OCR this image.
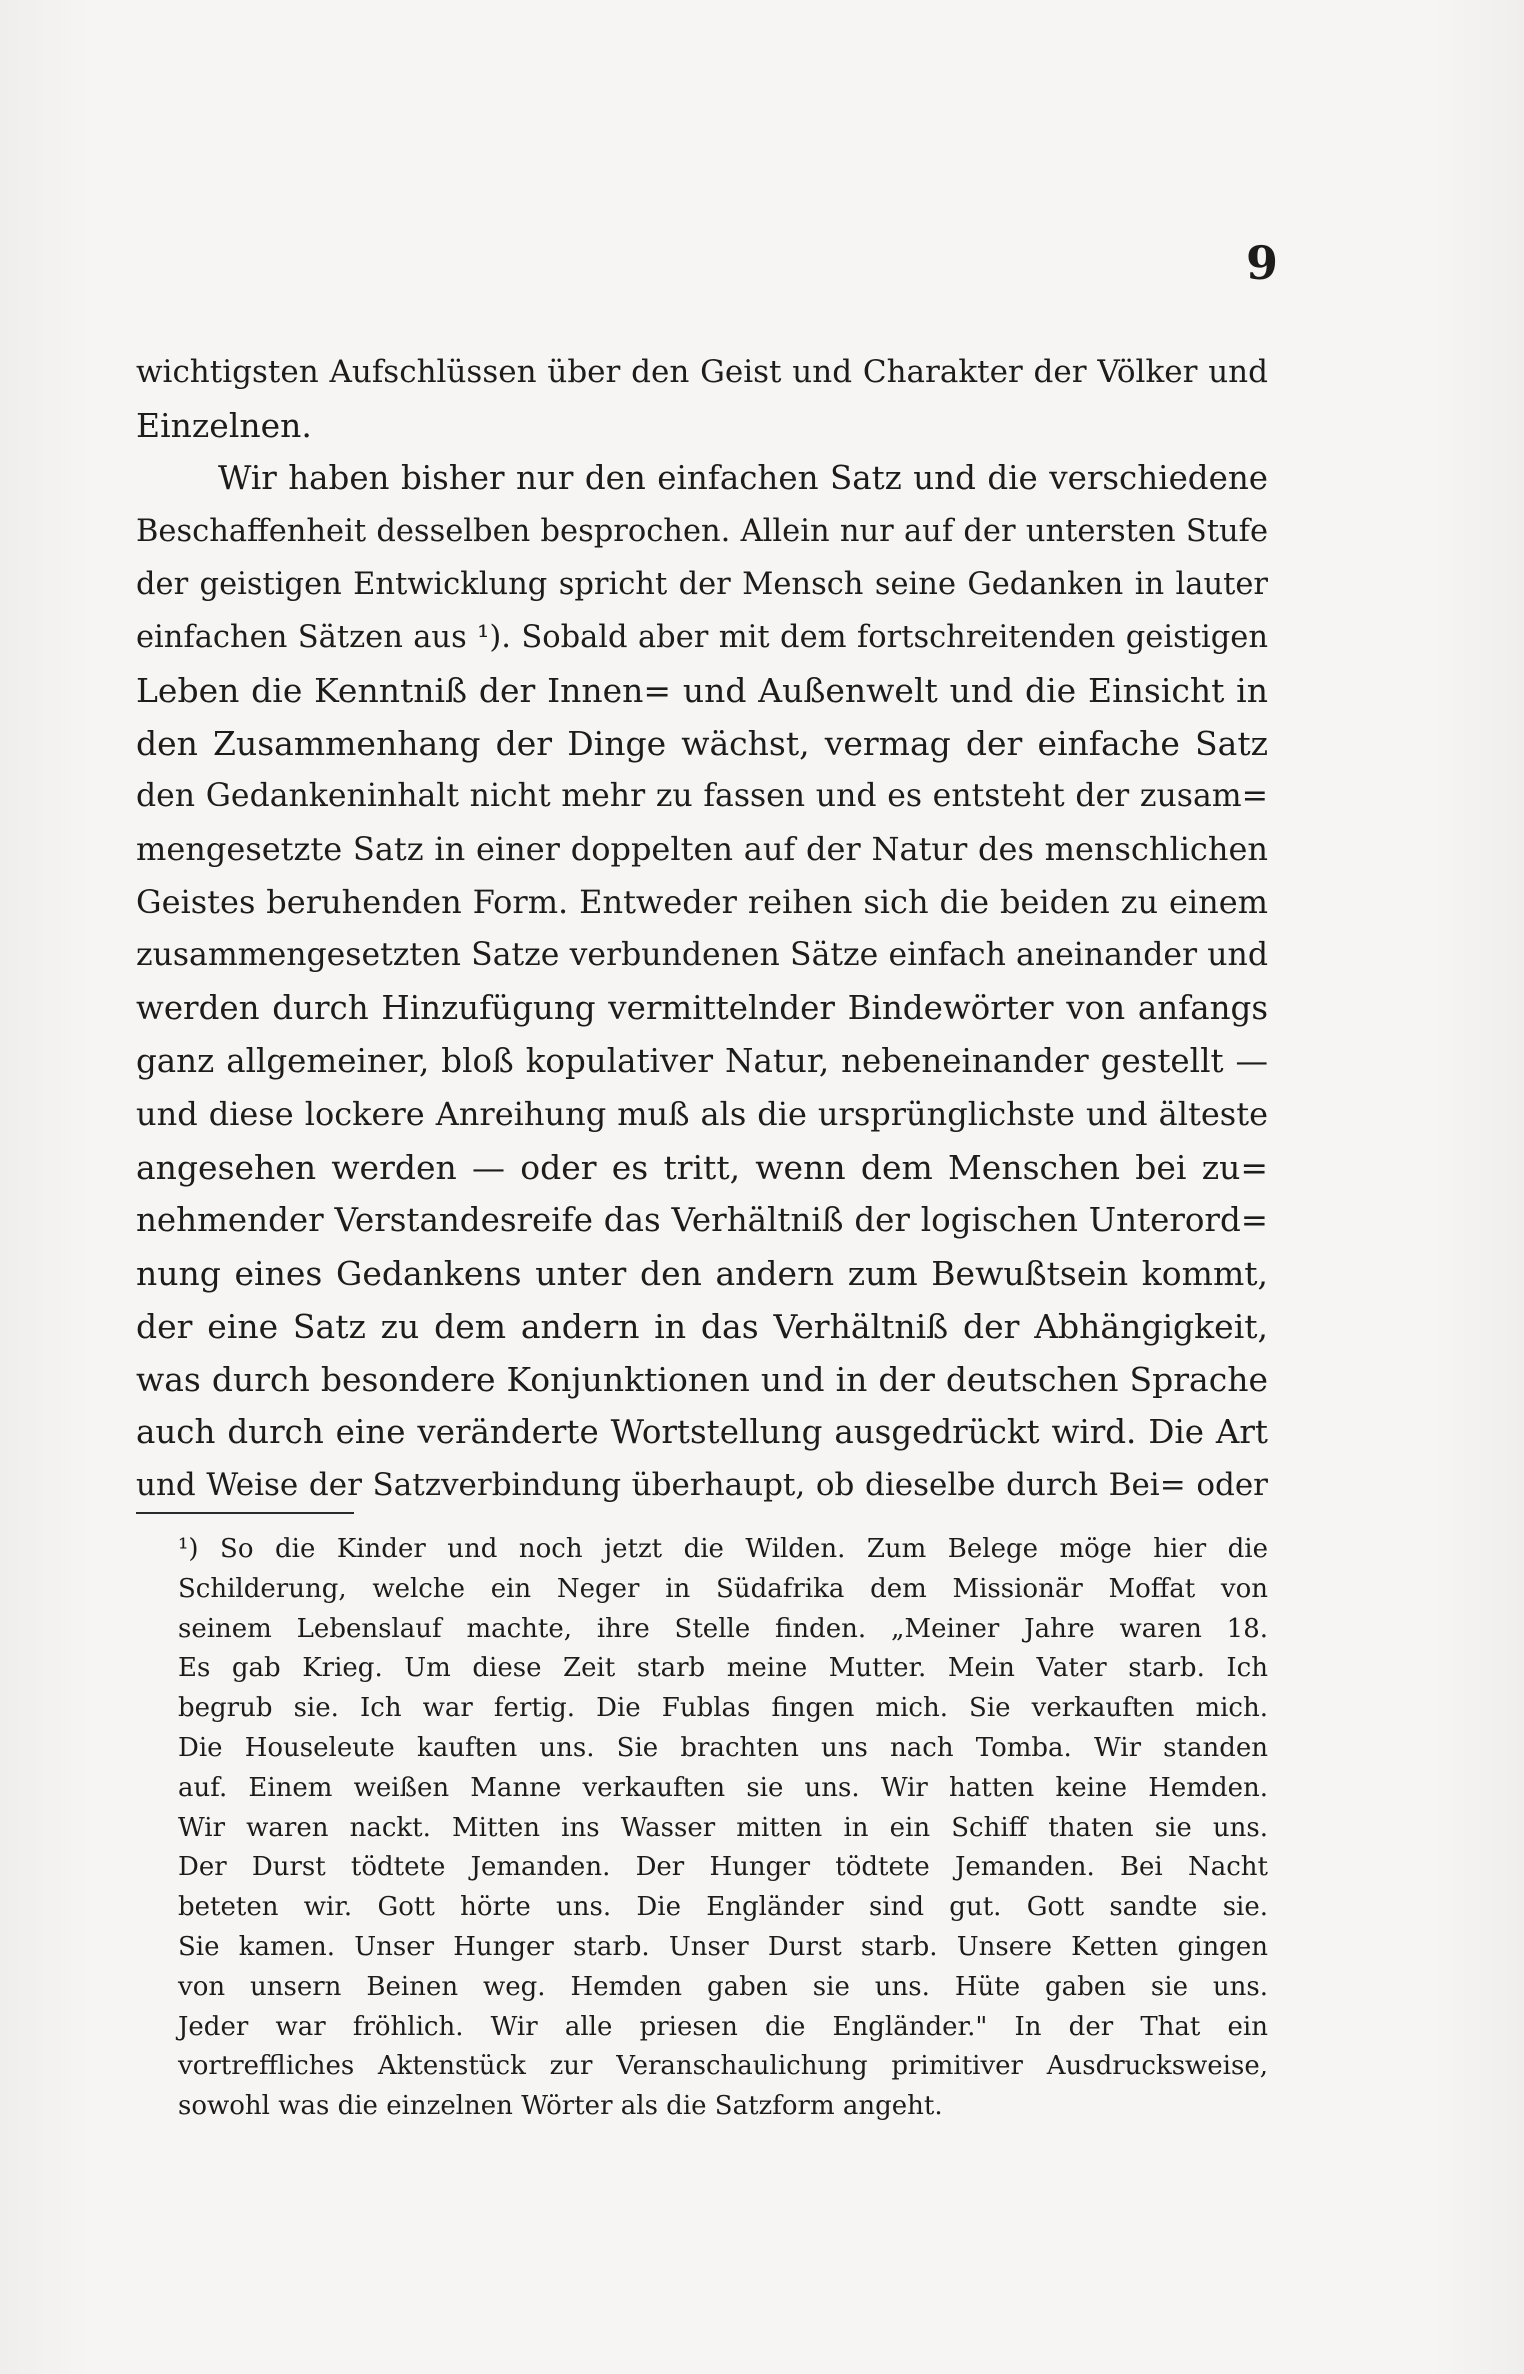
9
wichtigsten Aufschlüssen über den Geist und Charakter der Völker und
Einzelnen.
Wir haben bisher nur den einfachen Satz und die verschiedene
Beschaffenheit desselben besprochen. Allein nur auf der untersten Stufe
der geistigen Entwicklung spricht der Mensch seine Gedanken in lauter
einfachen Sätzen aus ¹). Sobald aber mit dem fortschreitenden geistigen
Leben die Kenntniß der Innen= und Außenwelt und die Einsicht in
den Zusammenhang der Dinge wächst, vermag der einfache Satz
den Gedankeninhalt nicht mehr zu fassen und es entsteht der zusam=
mengesetzte Satz in einer doppelten auf der Natur des menschlichen
Geistes beruhenden Form. Entweder reihen sich die beiden zu einem
zusammengesetzten Satze verbundenen Sätze einfach aneinander und
werden durch Hinzufügung vermittelnder Bindewörter von anfangs
ganz allgemeiner, bloß kopulativer Natur, nebeneinander gestellt —
und diese lockere Anreihung muß als die ursprünglichste und älteste
angesehen werden — oder es tritt, wenn dem Menschen bei zu=
nehmender Verstandesreife das Verhältniß der logischen Unterord=
nung eines Gedankens unter den andern zum Bewußtsein kommt,
der eine Satz zu dem andern in das Verhältniß der Abhängigkeit,
was durch besondere Konjunktionen und in der deutschen Sprache
auch durch eine veränderte Wortstellung ausgedrückt wird. Die Art
und Weise der Satzverbindung überhaupt, ob dieselbe durch Bei= oder
¹) So die Kinder und noch jetzt die Wilden. Zum Belege möge hier die
Schilderung, welche ein Neger in Südafrika dem Missionär Moffat von
seinem Lebenslauf machte, ihre Stelle finden. „Meiner Jahre waren 18.
Es gab Krieg. Um diese Zeit starb meine Mutter. Mein Vater starb. Ich
begrub sie. Ich war fertig. Die Fublas fingen mich. Sie verkauften mich.
Die Houseleute kauften uns. Sie brachten uns nach Tomba. Wir standen
auf. Einem weißen Manne verkauften sie uns. Wir hatten keine Hemden.
Wir waren nackt. Mitten ins Wasser mitten in ein Schiff thaten sie uns.
Der Durst tödtete Jemanden. Der Hunger tödtete Jemanden. Bei Nacht
beteten wir. Gott hörte uns. Die Engländer sind gut. Gott sandte sie.
Sie kamen. Unser Hunger starb. Unser Durst starb. Unsere Ketten gingen
von unsern Beinen weg. Hemden gaben sie uns. Hüte gaben sie uns.
Jeder war fröhlich. Wir alle priesen die Engländer." In der That ein
vortreffliches Aktenstück zur Veranschaulichung primitiver Ausdrucksweise,
sowohl was die einzelnen Wörter als die Satzform angeht.
